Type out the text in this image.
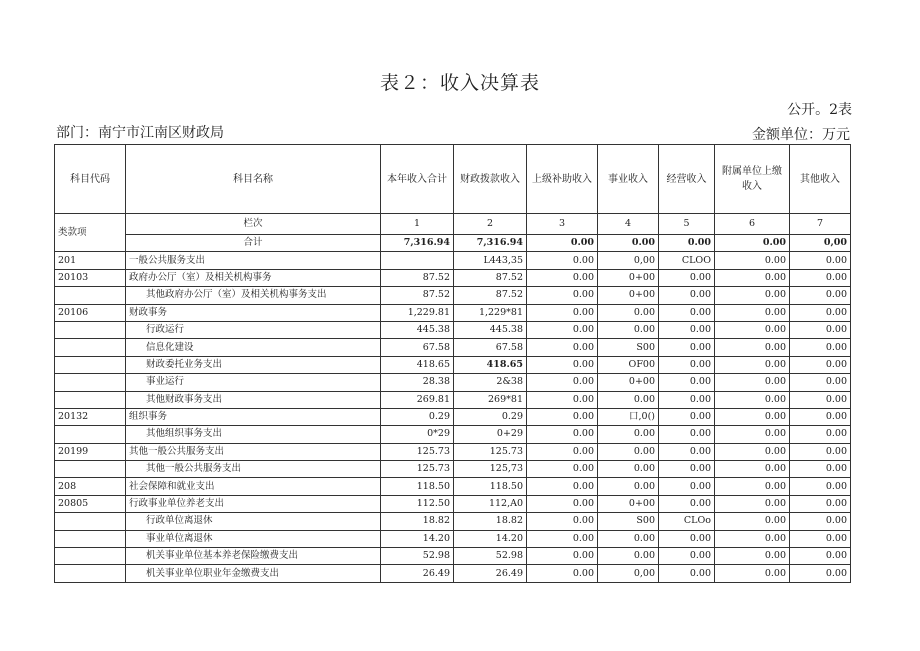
表２：收入决算表
公开。2表
部门：南宁市江南区财政局	金额单位：万元
科目代码	科目名称	本年收入合计	财政拨款收入	上级补助收入	事业收入	经营收入	附属单位上缴收入	其他收入
类款项	栏次	1	2	3	4	5	6	7
	合计	7,316.94	7,316.94	0.00	0.00	0.00	0.00	0,00
201	一般公共服务支出		L443,35	0.00	0,00	CLOO	0.00	0.00
20103	政府办公厅（室）及相关机构事务	87.52	87.52	0.00	0+00	0.00	0.00	0.00
	其他政府办公厅（室）及相关机构事务支出	87.52	87.52	0.00	0+00	0.00	0.00	0.00
20106	财政事务	1,229.81	1,229*81	0.00	0.00	0.00	0.00	0.00
	行政运行	445.38	445.38	0.00	0.00	0.00	0.00	0.00
	信息化建设	67.58	67.58	0.00	S00	0.00	0.00	0.00
	财政委托业务支出	418.65	418.65	0.00	OF00	0.00	0.00	0.00
	事业运行	28.38	2&38	0.00	0+00	0.00	0.00	0.00
	其他财政事务支出	269.81	269*81	0.00	0.00	0.00	0.00	0.00
20132	组织事务	0.29	0.29	0.00	口,0()	0.00	0.00	0.00
	其他组织事务支出	0*29	0+29	0.00	0.00	0.00	0.00	0.00
20199	其他一般公共服务支出	125.73	125.73	0.00	0.00	0.00	0.00	0.00
	其他一般公共服务支出	125.73	125,73	0.00	0.00	0.00	0.00	0.00
208	社会保障和就业支出	118.50	118.50	0.00	0.00	0.00	0.00	0.00
20805	行政事业单位养老支出	112.50	112,A0	0.00	0+00	0.00	0.00	0.00
	行政单位离退休	18.82	18.82	0.00	S00	CLOo	0.00	0.00
	事业单位离退休	14.20	14.20	0.00	0.00	0.00	0.00	0.00
	机关事业单位基本养老保险缴费支出	52.98	52.98	0.00	0.00	0.00	0.00	0.00
	机关事业单位职业年金缴费支出	26.49	26.49	0.00	0,00	0.00	0.00	0.00
